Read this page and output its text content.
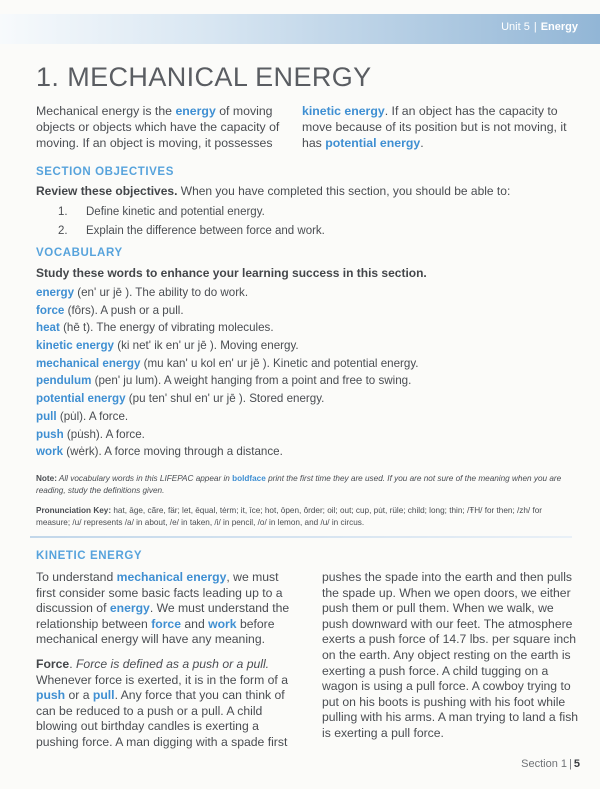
Unit 5 | Energy
1. MECHANICAL ENERGY
Mechanical energy is the energy of moving objects or objects which have the capacity of moving. If an object is moving, it possesses
kinetic energy. If an object has the capacity to move because of its position but is not moving, it has potential energy.
SECTION OBJECTIVES
Review these objectives. When you have completed this section, you should be able to:
1. Define kinetic and potential energy.
2. Explain the difference between force and work.
VOCABULARY
Study these words to enhance your learning success in this section.
energy (en' ur jē ). The ability to do work.
force (fôrs). A push or a pull.
heat (hē t). The energy of vibrating molecules.
kinetic energy (ki net' ik en' ur jē ). Moving energy.
mechanical energy (mu kan' u kol en' ur jē ). Kinetic and potential energy.
pendulum (pen' ju lum). A weight hanging from a point and free to swing.
potential energy (pu ten' shul en' ur jē ). Stored energy.
pull (pu̇l). A force.
push (pu̇sh). A force.
work (wėrk). A force moving through a distance.
Note: All vocabulary words in this LIFEPAC appear in boldface print the first time they are used. If you are not sure of the meaning when you are reading, study the definitions given.
Pronunciation Key: hat, āge, cãre, fär; let, ēqual, tėrm; it, īce; hot, ōpen, ôrder; oil; out; cup, pu̇t, rüle; child; long; thin; /ŦH/ for then; /zh/ for measure; /u/ represents /a/ in about, /e/ in taken, /i/ in pencil, /o/ in lemon, and /u/ in circus.
KINETIC ENERGY

To understand mechanical energy, we must first consider some basic facts leading up to a discussion of energy. We must understand the relationship between force and work before mechanical energy will have any meaning.

Force. Force is defined as a push or a pull. Whenever force is exerted, it is in the form of a push or a pull. Any force that you can think of can be reduced to a push or a pull. A child blowing out birthday candles is exerting a pushing force. A man digging with a spade first

pushes the spade into the earth and then pulls the spade up. When we open doors, we either push them or pull them. When we walk, we push downward with our feet. The atmosphere exerts a push force of 14.7 lbs. per square inch on the earth. Any object resting on the earth is exerting a push force. A child tugging on a wagon is using a pull force. A cowboy trying to put on his boots is pushing with his foot while pulling with his arms. A man trying to land a fish is exerting a pull force.

Section 1 | 5
